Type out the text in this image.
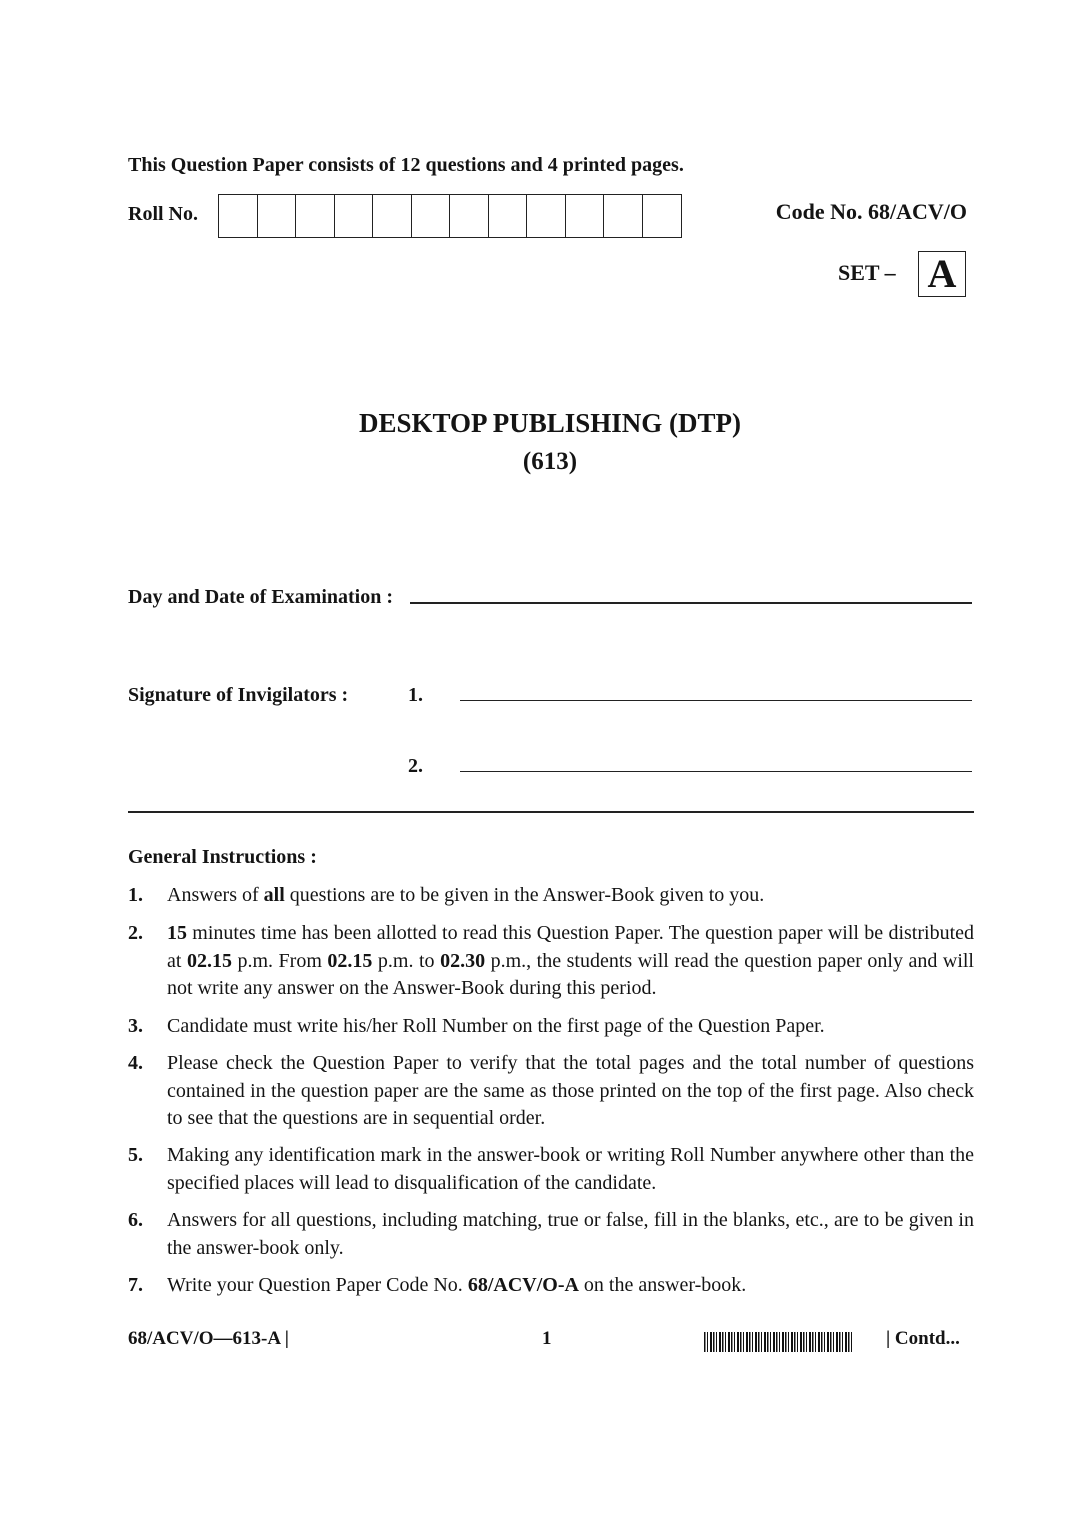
This Question Paper consists of 12 questions and 4 printed pages.
Roll No.	Code No. 68/ACV/O
SET – A
DESKTOP PUBLISHING (DTP)
(613)
Day and Date of Examination :
Signature of Invigilators :	1.
2.
General Instructions :
1. Answers of all questions are to be given in the Answer-Book given to you.
2. 15 minutes time has been allotted to read this Question Paper. The question paper will be distributed at 02.15 p.m. From 02.15 p.m. to 02.30 p.m., the students will read the question paper only and will not write any answer on the Answer-Book during this period.
3. Candidate must write his/her Roll Number on the first page of the Question Paper.
4. Please check the Question Paper to verify that the total pages and the total number of questions contained in the question paper are the same as those printed on the top of the first page. Also check to see that the questions are in sequential order.
5. Making any identification mark in the answer-book or writing Roll Number anywhere other than the specified places will lead to disqualification of the candidate.
6. Answers for all questions, including matching, true or false, fill in the blanks, etc., are to be given in the answer-book only.
7. Write your Question Paper Code No. 68/ACV/O-A on the answer-book.
68/ACV/O—613-A |	1	| Contd...
